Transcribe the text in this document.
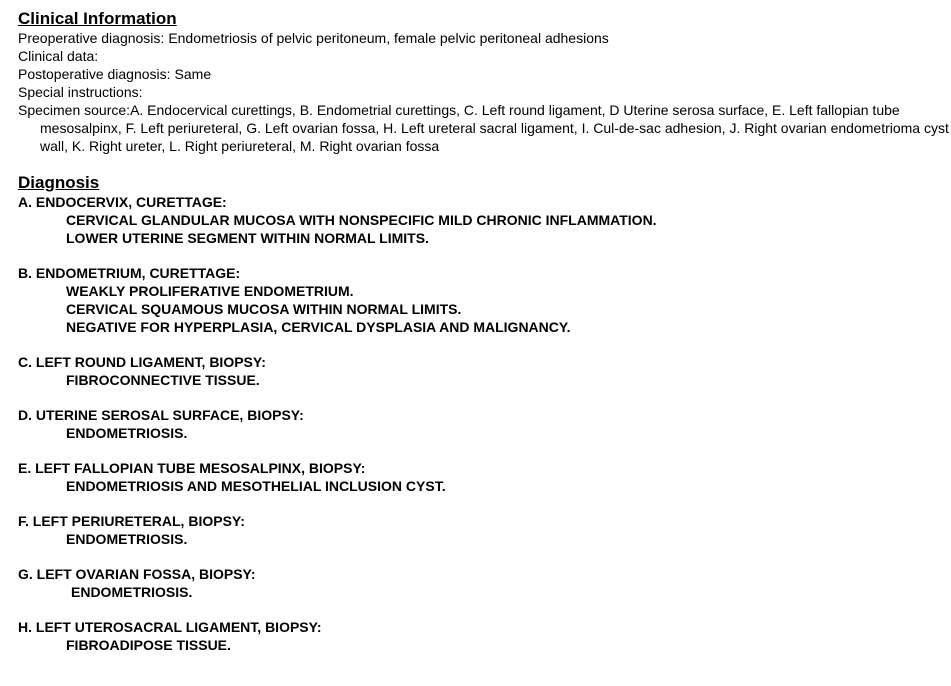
Clinical Information

Preoperative diagnosis: Endometriosis of pelvic peritoneum, female pelvic peritoneal adhesions

Clinical data:

Postoperative diagnosis: Same

Special instructions:

Specimen source:A. Endocervical curettings, B. Endometrial curettings, C. Left round ligament, D Uterine serosa surface, E. Left fallopian tube mesosalpinx, F. Left periureteral, G. Left ovarian fossa, H. Left ureteral sacral ligament, I. Cul-de-sac adhesion, J. Right ovarian endometrioma cyst wall, K. Right ureter, L. Right periureteral, M. Right ovarian fossa

Diagnosis

A. ENDOCERVIX, CURETTAGE:

CERVICAL GLANDULAR MUCOSA WITH NONSPECIFIC MILD CHRONIC INFLAMMATION.

LOWER UTERINE SEGMENT WITHIN NORMAL LIMITS.

B. ENDOMETRIUM, CURETTAGE:

WEAKLY PROLIFERATIVE ENDOMETRIUM.

CERVICAL SQUAMOUS MUCOSA WITHIN NORMAL LIMITS.

NEGATIVE FOR HYPERPLASIA, CERVICAL DYSPLASIA AND MALIGNANCY.

C. LEFT ROUND LIGAMENT, BIOPSY:

FIBROCONNECTIVE TISSUE.

D. UTERINE SEROSAL SURFACE, BIOPSY:

ENDOMETRIOSIS.

E. LEFT FALLOPIAN TUBE MESOSALPINX, BIOPSY:

ENDOMETRIOSIS AND MESOTHELIAL INCLUSION CYST.

F. LEFT PERIURETERAL, BIOPSY:

ENDOMETRIOSIS.

G. LEFT OVARIAN FOSSA, BIOPSY:

ENDOMETRIOSIS.

H. LEFT UTEROSACRAL LIGAMENT, BIOPSY:

FIBROADIPOSE TISSUE.
